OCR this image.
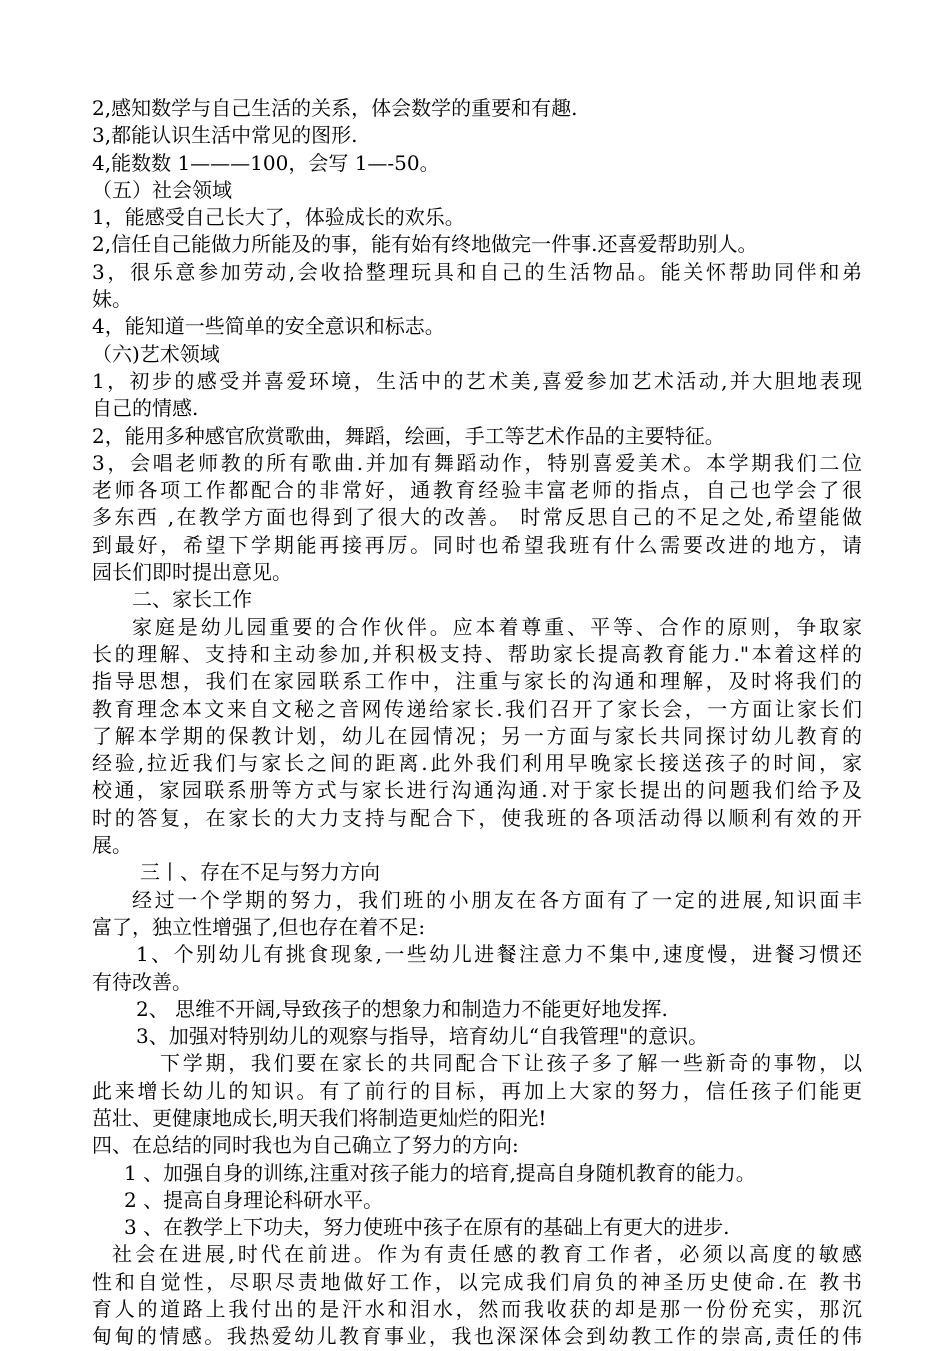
2,感知数学与自己生活的关系，体会数学的重要和有趣.
3,都能认识生活中常见的图形.
4,能数数 1———100，会写 1—-50。
（五）社会领域
1，能感受自己长大了，体验成长的欢乐。
2,信任自己能做力所能及的事，能有始有终地做完一件事.还喜爱帮助别人。
3，很乐意参加劳动,会收拾整理玩具和自己的生活物品。能关怀帮助同伴和弟
妹。
4，能知道一些简单的安全意识和标志。
（六)艺术领域
1，初步的感受并喜爱环境，生活中的艺术美,喜爱参加艺术活动,并大胆地表现
自己的情感.
2，能用多种感官欣赏歌曲，舞蹈，绘画，手工等艺术作品的主要特征。
3，会唱老师教的所有歌曲.并加有舞蹈动作，特别喜爱美术。本学期我们二位
老师各项工作都配合的非常好，通教育经验丰富老师的指点，自己也学会了很
多东西 ,在教学方面也得到了很大的改善。 时常反思自己的不足之处,希望能做
到最好，希望下学期能再接再厉。同时也希望我班有什么需要改进的地方，请
园长们即时提出意见。
二、家长工作
家庭是幼儿园重要的合作伙伴。应本着尊重、平等、合作的原则，争取家
长的理解、支持和主动参加,并积极支持、帮助家长提高教育能力."本着这样的
指导思想，我们在家园联系工作中，注重与家长的沟通和理解，及时将我们的
教育理念本文来自文秘之音网传递给家长.我们召开了家长会，一方面让家长们
了解本学期的保教计划，幼儿在园情况；另一方面与家长共同探讨幼儿教育的
经验,拉近我们与家长之间的距离.此外我们利用早晚家长接送孩子的时间，家
校通，家园联系册等方式与家长进行沟通沟通.对于家长提出的问题我们给予及
时的答复，在家长的大力支持与配合下，使我班的各项活动得以顺利有效的开
展。
三丨、存在不足与努力方向
经过一个学期的努力，我们班的小朋友在各方面有了一定的进展,知识面丰
富了，独立性增强了,但也存在着不足:
1、个别幼儿有挑食现象,一些幼儿进餐注意力不集中,速度慢，进餐习惯还
有待改善。
2、 思维不开阔,导致孩子的想象力和制造力不能更好地发挥.
3、加强对特别幼儿的观察与指导，培育幼儿“自我管理"的意识。
下学期，我们要在家长的共同配合下让孩子多了解一些新奇的事物，以
此来增长幼儿的知识。有了前行的目标，再加上大家的努力，信任孩子们能更
茁壮、更健康地成长,明天我们将制造更灿烂的阳光!
四、在总结的同时我也为自己确立了努力的方向:
1 、加强自身的训练,注重对孩子能力的培育,提高自身随机教育的能力。
2 、提高自身理论科研水平。
3 、在教学上下功夫，努力使班中孩子在原有的基础上有更大的进步.
社会在进展,时代在前进。作为有责任感的教育工作者，必须以高度的敏感
性和自觉性，尽职尽责地做好工作，以完成我们肩负的神圣历史使命.在 教书
育人的道路上我付出的是汗水和泪水，然而我收获的却是那一份份充实，那沉
甸甸的情感。我热爱幼儿教育事业，我也深深体会到幼教工作的崇高,责任的伟
